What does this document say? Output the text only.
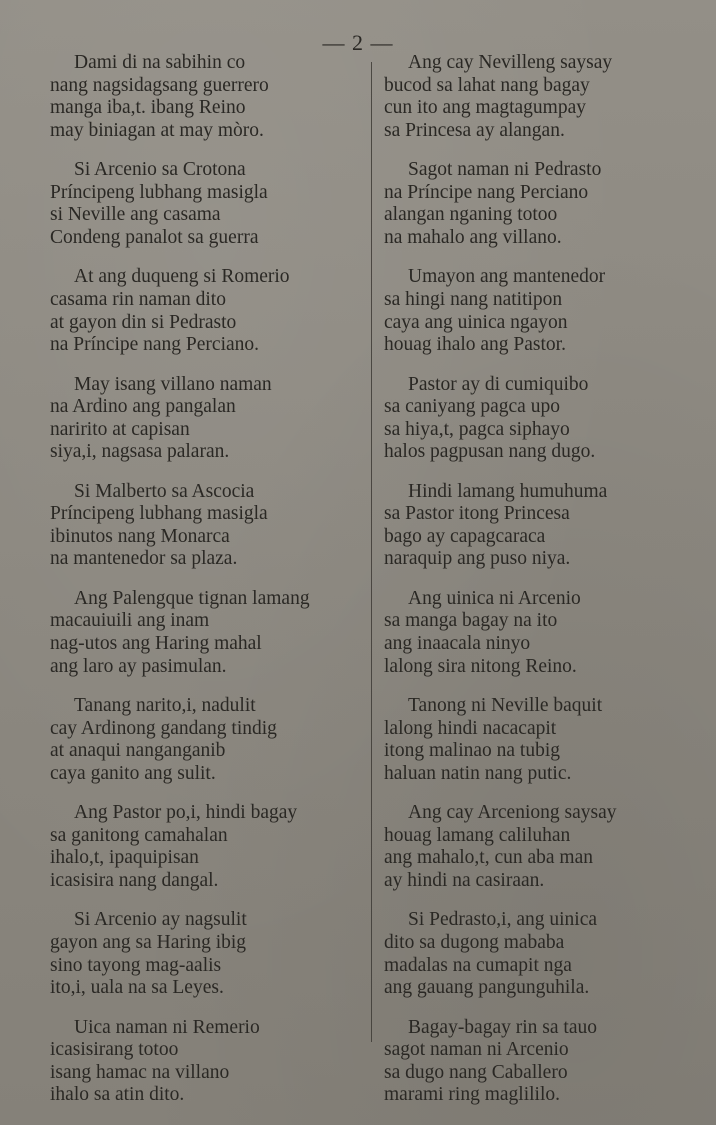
— 2 —
Dami di na sabihin co
nang nagsidagsang guerrero
manga iba,t. ibang Reino
may biniagan at may mòro.
Si Arcenio sa Crotona
Príncipeng lubhang masigla
si Neville ang casama
Condeng panalot sa guerra
At ang duqueng si Romerio
casama rin naman dito
at gayon din si Pedrasto
na Príncipe nang Perciano.
May isang villano naman
na Ardino ang pangalan
naririto at capisan
siya,i, nagsasa palaran.
Si Malberto sa Ascocia
Príncipeng lubhang masigla
ibinutos nang Monarca
na mantenedor sa plaza.
Ang Palengque tignan lamang
macauiuili ang inam
nag-utos ang Haring mahal
ang laro ay pasimulan.
Tanang narito,i, nadulit
cay Ardinong gandang tindig
at anaqui nanganganib
caya ganito ang sulit.
Ang Pastor po,i, hindi bagay
sa ganitong camahalan
ihalo,t, ipaquipisan
icasisira nang dangal.
Si Arcenio ay nagsulit
gayon ang sa Haring ibig
sino tayong mag-aalis
ito,i, uala na sa Leyes.
Uica naman ni Remerio
icasisirang totoo
isang hamac na villano
ihalo sa atin dito.
Ang cay Nevilleng saysay
bucod sa lahat nang bagay
cun ito ang magtagumpay
sa Princesa ay alangan.
Sagot naman ni Pedrasto
na Príncipe nang Perciano
alangan nganing totoo
na mahalo ang villano.
Umayon ang mantenedor
sa hingi nang natitipon
caya ang uinica ngayon
houag ihalo ang Pastor.
Pastor ay di cumiquibo
sa caniyang pagca upo
sa hiya,t, pagca siphayo
halos pagpusan nang dugo.
Hindi lamang humuhuma
sa Pastor itong Princesa
bago ay capagcaraca
naraquip ang puso niya.
Ang uinica ni Arcenio
sa manga bagay na ito
ang inaacala ninyo
lalong sira nitong Reino.
Tanong ni Neville baquit
lalong hindi nacacapit
itong malinao na tubig
haluan natin nang putic.
Ang cay Arceniong saysay
houag lamang caliluhan
ang mahalo,t, cun aba man
ay hindi na casiraan.
Si Pedrasto,i, ang uinica
dito sa dugong mababa
madalas na cumapit nga
ang gauang pangunguhila.
Bagay-bagay rin sa tauo
sagot naman ni Arcenio
sa dugo nang Caballero
marami ring maglililo.
